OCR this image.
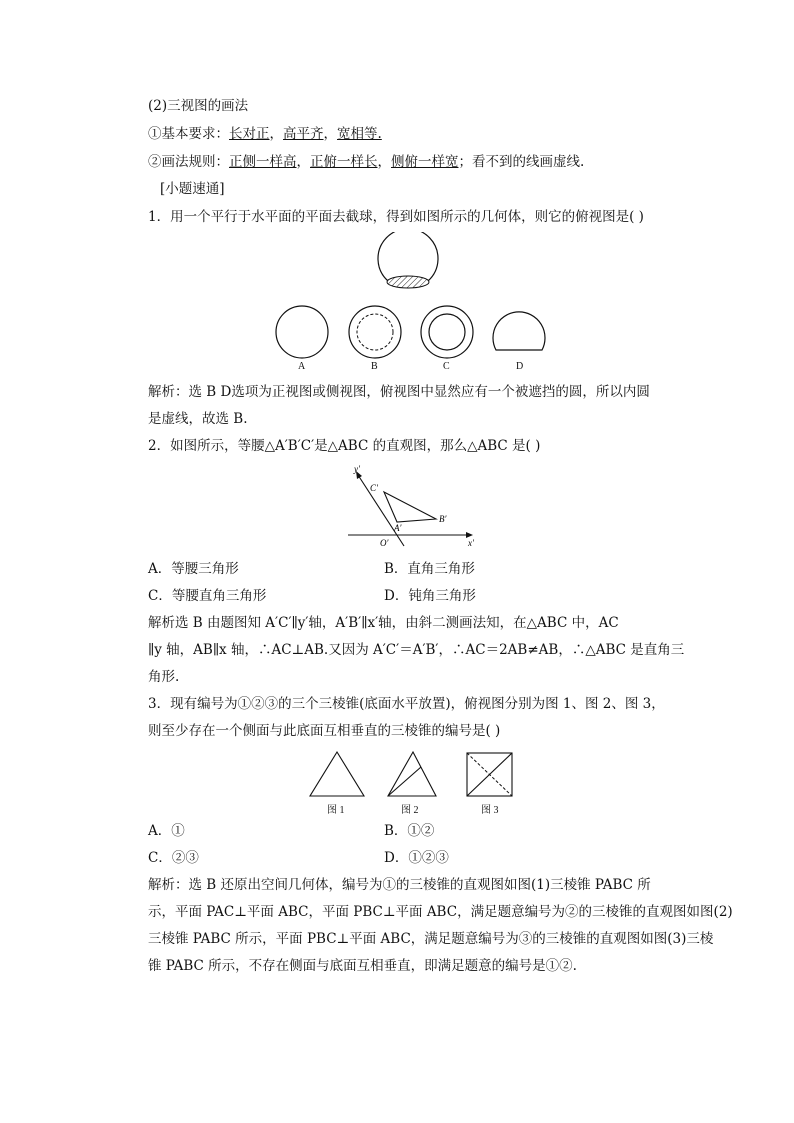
(2)三视图的画法
①基本要求：长对正，高平齐，宽相等.
②画法规则：正侧一样高，正俯一样长，侧俯一样宽；看不到的线画虚线.
[小题速通]
1．用一个平行于水平面的平面去截球，得到如图所示的几何体，则它的俯视图是( )
A	B	C	D
解析：选 B D选项为正视图或侧视图，俯视图中显然应有一个被遮挡的圆，所以内圆
是虚线，故选 B.
2．如图所示，等腰△A′B′C′是△ABC 的直观图，那么△ABC 是( )
y′
C′
B′
A′
O′	x′
A．等腰三角形	B．直角三角形
C．等腰直角三角形	D．钝角三角形
解析选 B 由题图知 A′C′∥y′轴，A′B′∥x′轴，由斜二测画法知，在△ABC 中，AC
∥y 轴，AB∥x 轴，∴AC⊥AB.又因为 A′C′＝A′B′，∴AC＝2AB≠AB，∴△ABC 是直角三
角形.
3．现有编号为①②③的三个三棱锥(底面水平放置)，俯视图分别为图 1、图 2、图 3，
则至少存在一个侧面与此底面互相垂直的三棱锥的编号是( )
图 1	图 2	图 3
A．①	B．①②
C．②③	D．①②③
解析：选 B 还原出空间几何体，编号为①的三棱锥的直观图如图(1)三棱锥 PABC 所
示，平面 PAC⊥平面 ABC，平面 PBC⊥平面 ABC，满足题意编号为②的三棱锥的直观图如图(2)
三棱锥 PABC 所示，平面 PBC⊥平面 ABC，满足题意编号为③的三棱锥的直观图如图(3)三棱
锥 PABC 所示，不存在侧面与底面互相垂直，即满足题意的编号是①②.
